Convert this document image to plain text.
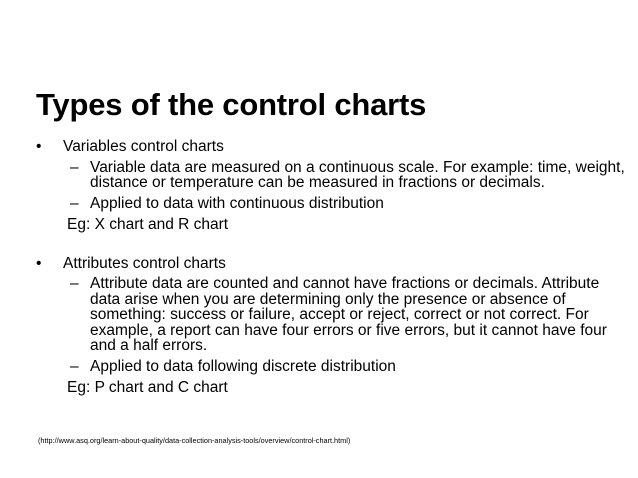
Types of the control charts
• Variables control charts
– Variable data are measured on a continuous scale. For example: time, weight, distance or temperature can be measured in fractions or decimals.
– Applied to data with continuous distribution
Eg: X chart and R chart
• Attributes control charts
– Attribute data are counted and cannot have fractions or decimals. Attribute data arise when you are determining only the presence or absence of something: success or failure, accept or reject, correct or not correct. For example, a report can have four errors or five errors, but it cannot have four and a half errors.
– Applied to data following discrete distribution
Eg: P chart and C chart
(http://www.asq.org/learn-about-quality/data-collection-analysis-tools/overview/control-chart.html)
